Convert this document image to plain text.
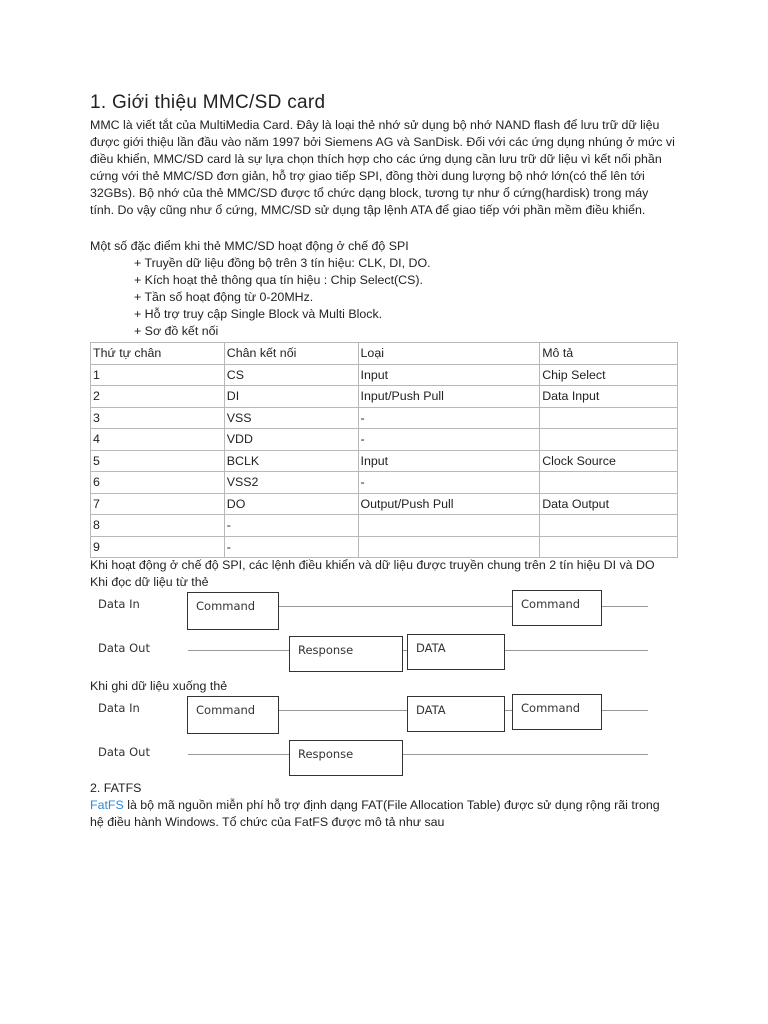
1. Giới thiệu MMC/SD card
MMC là viết tắt của MultiMedia Card. Đây là loại thẻ nhớ sử dụng bộ nhớ NAND flash để lưu trữ dữ liệu
được giới thiệu lần đầu vào năm 1997 bởi Siemens AG và SanDisk. Đối với các ứng dụng nhúng ở mức vi
điều khiển, MMC/SD card là sự lựa chọn thích hợp cho các ứng dụng cần lưu trữ dữ liệu vì kết nối phần
cứng với thẻ MMC/SD đơn giản, hỗ trợ giao tiếp SPI, đồng thời dung lượng bộ nhớ lớn(có thể lên tới
32GBs). Bộ nhớ của thẻ MMC/SD được tổ chức dạng block, tương tự như ổ cứng(hardisk) trong máy
tính. Do vậy cũng như ổ cứng, MMC/SD sử dụng tập lệnh ATA để giao tiếp với phần mềm điều khiển.
Một số đặc điểm khi thẻ MMC/SD hoạt động ở chế độ SPI
+ Truyền dữ liệu đồng bộ trên 3 tín hiệu: CLK, DI, DO.
+ Kích hoạt thẻ thông qua tín hiệu : Chip Select(CS).
+ Tần số hoạt động từ 0-20MHz.
+ Hỗ trợ truy cập Single Block và Multi Block.
+ Sơ đồ kết nối
Thứ tự chân	Chân kết nối	Loại	Mô tả
1	CS	Input	Chip Select
2	DI	Input/Push Pull	Data Input
3	VSS	-	
4	VDD	-	
5	BCLK	Input	Clock Source
6	VSS2	-	
7	DO	Output/Push Pull	Data Output
8	-		
9	-		
Khi hoạt động ở chế độ SPI, các lệnh điều khiển và dữ liệu được truyền chung trên 2 tín hiệu DI và DO
Khi đọc dữ liệu từ thẻ
Data In
Data Out
Command
Response	DATA
Command
Khi ghi dữ liệu xuống thẻ
Data In
Data Out
Command
Response
DATA	Command
2. FATFS
FatFS là bộ mã nguồn miễn phí hỗ trợ định dạng FAT(File Allocation Table) được sử dụng rộng rãi trong
hệ điều hành Windows. Tổ chức của FatFS được mô tả như sau
